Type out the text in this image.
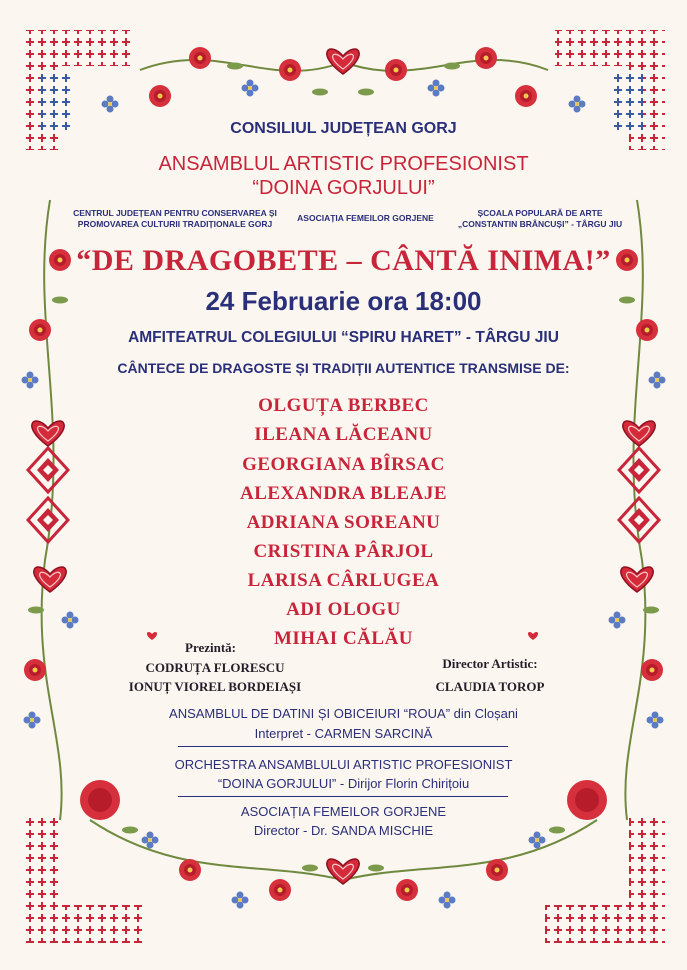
CONSILIUL JUDEȚEAN GORJ
ANSAMBLUL ARTISTIC PROFESIONIST
“DOINA GORJULUI”
CENTRUL JUDEȚEAN PENTRU CONSERVAREA ȘI
PROMOVAREA CULTURII TRADIȚIONALE GORJ
ASOCIAȚIA FEMEILOR GORJENE	ȘCOALA POPULARĂ DE ARTE
„CONSTANTIN BRÂNCUȘI” - TÂRGU JIU
“DE DRAGOBETE – CÂNTĂ INIMA!”
24 Februarie ora 18:00
AMFITEATRUL COLEGIULUI “SPIRU HARET” - TÂRGU JIU
CÂNTECE DE DRAGOSTE ȘI TRADIȚII AUTENTICE TRANSMISE DE:
OLGUȚA BERBEC
ILEANA LĂCEANU
GEORGIANA BÎRSAC
ALEXANDRA BLEAJE
ADRIANA SOREANU
CRISTINA PÂRJOL
LARISA CÂRLUGEA
ADI OLOGU
MIHAI CĂLĂU
Prezintă:
CODRUȚA FLORESCU
IONUȚ VIOREL BORDEIAȘI
Director Artistic:
CLAUDIA TOROP
ANSAMBLUL DE DATINI ȘI OBICEIURI “ROUA” din Cloșani
Interpret - CARMEN SARCINĂ
ORCHESTRA ANSAMBLULUI ARTISTIC PROFESIONIST
“DOINA GORJULUI” - Dirijor Florin Chirițoiu
ASOCIAȚIA FEMEILOR GORJENE
Director - Dr. SANDA MISCHIE
